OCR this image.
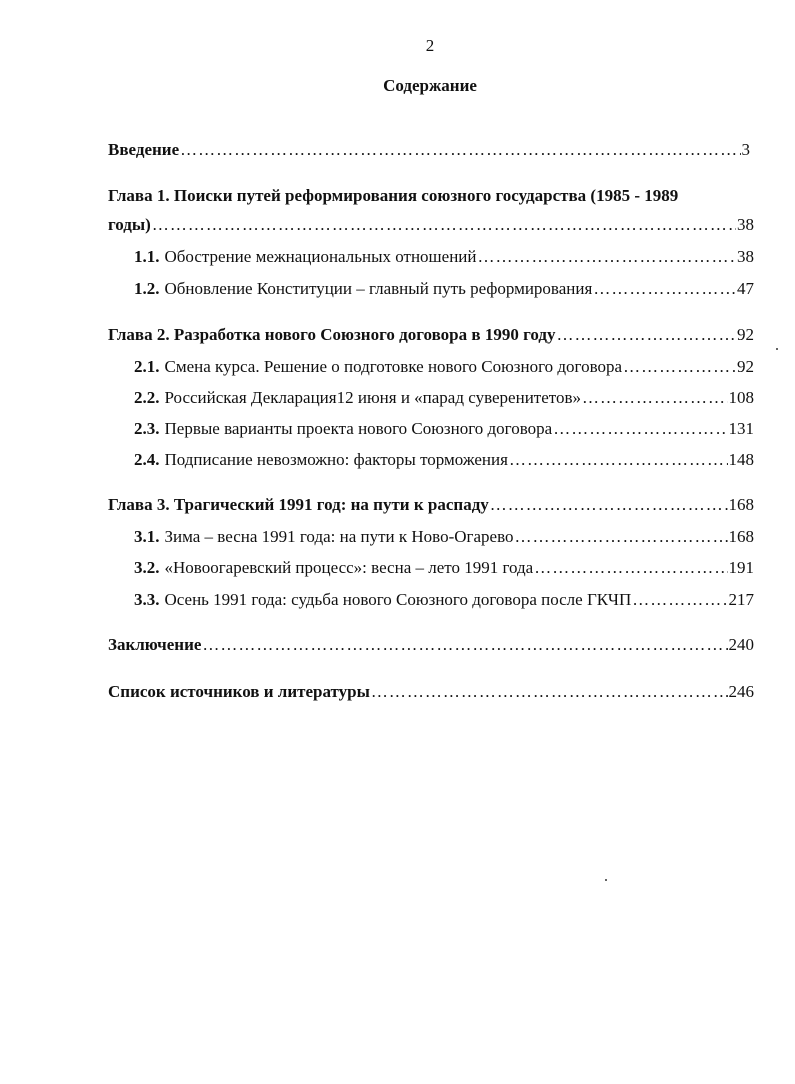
2
Содержание
Введение ………………………………………………………………………………………………………………………………………………………………………………………………………………………	3
Глава 1. Поиски путей реформирования союзного государства (1985 - 1989
годы) ………………………………………………………………………………………………………………………………………………………………………………………………………………………	38
1.1. Обострение межнациональных отношений ………………………………………………………………………………………………………………………………………………………………………………………………………………………	38
1.2. Обновление Конституции – главный путь реформирования ………………………………………………………………………………………………………………………………………………………………………………………………………………………	47
Глава 2. Разработка нового Союзного договора в 1990 году ………………………………………………………………………………………………………………………………………………………………………………………………………………………	92
2.1. Смена курса. Решение о подготовке нового Союзного договора ………………………………………………………………………………………………………………………………………………………………………………………………………………………	92
2.2. Российская Декларация12 июня и «парад суверенитетов» ………………………………………………………………………………………………………………………………………………………………………………………………………………………	108
2.3. Первые варианты проекта нового Союзного договора ………………………………………………………………………………………………………………………………………………………………………………………………………………………	131
2.4. Подписание невозможно: факторы торможения ………………………………………………………………………………………………………………………………………………………………………………………………………………………	148
Глава 3. Трагический 1991 год: на пути к распаду ………………………………………………………………………………………………………………………………………………………………………………………………………………………	168
3.1. Зима – весна 1991 года: на пути к Ново-Огарево ………………………………………………………………………………………………………………………………………………………………………………………………………………………	168
3.2. «Новоогаревский процесс»: весна – лето 1991 года ………………………………………………………………………………………………………………………………………………………………………………………………………………………	191
3.3. Осень 1991 года: судьба нового Союзного договора после ГКЧП ………………………………………………………………………………………………………………………………………………………………………………………………………………………	217
Заключение ………………………………………………………………………………………………………………………………………………………………………………………………………………………	240
Список источников и литературы ………………………………………………………………………………………………………………………………………………………………………………………………………………………	246
